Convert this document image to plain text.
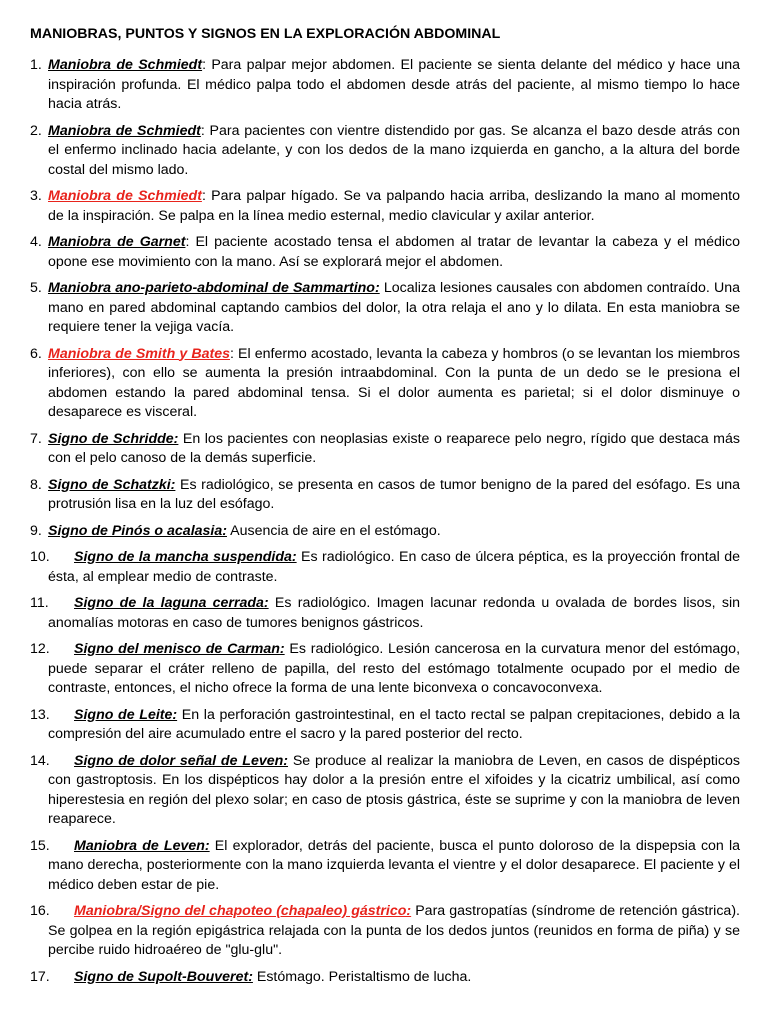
MANIOBRAS, PUNTOS Y SIGNOS EN LA EXPLORACIÓN ABDOMINAL
1. Maniobra de Schmiedt: Para palpar mejor abdomen. El paciente se sienta delante del médico y hace una inspiración profunda. El médico palpa todo el abdomen desde atrás del paciente, al mismo tiempo lo hace hacia atrás.
2. Maniobra de Schmiedt: Para pacientes con vientre distendido por gas. Se alcanza el bazo desde atrás con el enfermo inclinado hacia adelante, y con los dedos de la mano izquierda en gancho, a la altura del borde costal del mismo lado.
3. Maniobra de Schmiedt: Para palpar hígado. Se va palpando hacia arriba, deslizando la mano al momento de la inspiración. Se palpa en la línea medio esternal, medio clavicular y axilar anterior.
4. Maniobra de Garnet: El paciente acostado tensa el abdomen al tratar de levantar la cabeza y el médico opone ese movimiento con la mano. Así se explorará mejor el abdomen.
5. Maniobra ano-parieto-abdominal de Sammartino: Localiza lesiones causales con abdomen contraído. Una mano en pared abdominal captando cambios del dolor, la otra relaja el ano y lo dilata. En esta maniobra se requiere tener la vejiga vacía.
6. Maniobra de Smith y Bates: El enfermo acostado, levanta la cabeza y hombros (o se levantan los miembros inferiores), con ello se aumenta la presión intraabdominal. Con la punta de un dedo se le presiona el abdomen estando la pared abdominal tensa. Si el dolor aumenta es parietal; si el dolor disminuye o desaparece es visceral.
7. Signo de Schridde: En los pacientes con neoplasias existe o reaparece pelo negro, rígido que destaca más con el pelo canoso de la demás superficie.
8. Signo de Schatzki: Es radiológico, se presenta en casos de tumor benigno de la pared del esófago. Es una protrusión lisa en la luz del esófago.
9. Signo de Pinós o acalasia: Ausencia de aire en el estómago.
10. Signo de la mancha suspendida: Es radiológico. En caso de úlcera péptica, es la proyección frontal de ésta, al emplear medio de contraste.
11. Signo de la laguna cerrada: Es radiológico. Imagen lacunar redonda u ovalada de bordes lisos, sin anomalías motoras en caso de tumores benignos gástricos.
12. Signo del menisco de Carman: Es radiológico. Lesión cancerosa en la curvatura menor del estómago, puede separar el cráter relleno de papilla, del resto del estómago totalmente ocupado por el medio de contraste, entonces, el nicho ofrece la forma de una lente biconvexa o concavoconvexa.
13. Signo de Leite: En la perforación gastrointestinal, en el tacto rectal se palpan crepitaciones, debido a la compresión del aire acumulado entre el sacro y la pared posterior del recto.
14. Signo de dolor señal de Leven: Se produce al realizar la maniobra de Leven, en casos de dispépticos con gastroptosis. En los dispépticos hay dolor a la presión entre el xifoides y la cicatriz umbilical, así como hiperestesia en región del plexo solar; en caso de ptosis gástrica, éste se suprime y con la maniobra de leven reaparece.
15. Maniobra de Leven: El explorador, detrás del paciente, busca el punto doloroso de la dispepsia con la mano derecha, posteriormente con la mano izquierda levanta el vientre y el dolor desaparece. El paciente y el médico deben estar de pie.
16. Maniobra/Signo del chapoteo (chapaleo) gástrico: Para gastropatías (síndrome de retención gástrica). Se golpea en la región epigástrica relajada con la punta de los dedos juntos (reunidos en forma de piña) y se percibe ruido hidroaéreo de "glu-glu".
17. Signo de Supolt-Bouveret: Estómago. Peristaltismo de lucha.
